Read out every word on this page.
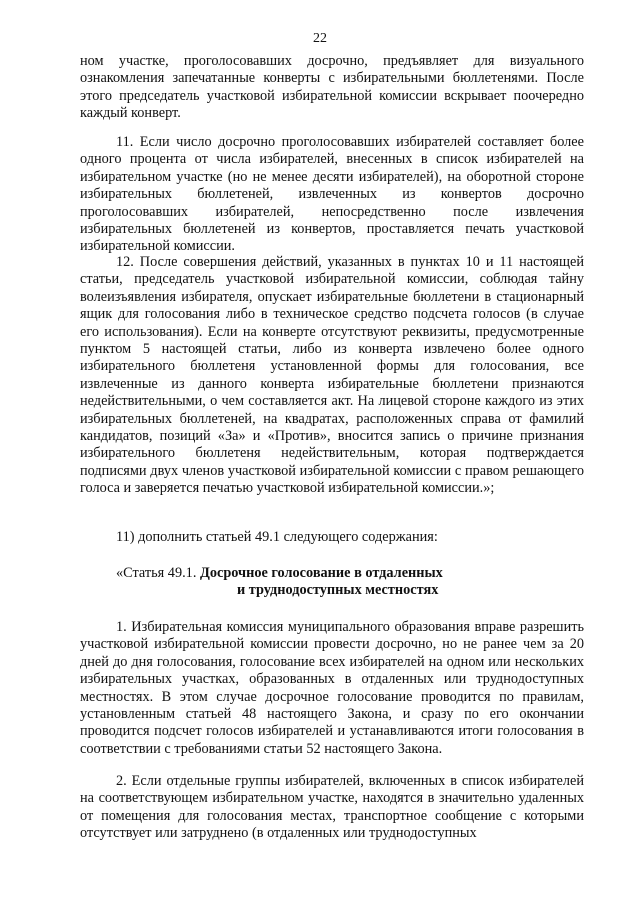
22

ном участке, проголосовавших досрочно, предъявляет для визуального ознакомления запечатанные конверты с избирательными бюллетенями. После этого председатель участковой избирательной комиссии вскрывает поочередно каждый конверт.

11. Если число досрочно проголосовавших избирателей составляет более одного процента от числа избирателей, внесенных в список избирателей на избирательном участке (но не менее десяти избирателей), на оборотной стороне избирательных бюллетеней, извлеченных из конвертов досрочно проголосовавших избирателей, непосредственно после извлечения избирательных бюллетеней из конвертов, проставляется печать участковой избирательной комиссии.

12. После совершения действий, указанных в пунктах 10 и 11 настоящей статьи, председатель участковой избирательной комиссии, соблюдая тайну волеизъявления избирателя, опускает избирательные бюллетени в стационарный ящик для голосования либо в техническое средство подсчета голосов (в случае его использования). Если на конверте отсутствуют реквизиты, предусмотренные пунктом 5 настоящей статьи, либо из конверта извлечено более одного избирательного бюллетеня установленной формы для голосования, все извлеченные из данного конверта избирательные бюллетени признаются недействительными, о чем составляется акт. На лицевой стороне каждого из этих избирательных бюллетеней, на квадратах, расположенных справа от фамилий кандидатов, позиций «За» и «Против», вносится запись о причине признания избирательного бюллетеня недействительным, которая подтверждается подписями двух членов участковой избирательной комиссии с правом решающего голоса и заверяется печатью участковой избирательной комиссии.»;

11) дополнить статьей 49.1 следующего содержания:

«Статья 49.1. Досрочное голосование в отдаленных
и труднодоступных местностях

1. Избирательная комиссия муниципального образования вправе разрешить участковой избирательной комиссии провести досрочно, но не ранее чем за 20 дней до дня голосования, голосование всех избирателей на одном или нескольких избирательных участках, образованных в отдаленных или труднодоступных местностях. В этом случае досрочное голосование проводится по правилам, установленным статьей 48 настоящего Закона, и сразу по его окончании проводится подсчет голосов избирателей и устанавливаются итоги голосования в соответствии с требованиями статьи 52 настоящего Закона.

2. Если отдельные группы избирателей, включенных в список избирателей на соответствующем избирательном участке, находятся в значительно удаленных от помещения для голосования местах, транспортное сообщение с которыми отсутствует или затруднено (в отдаленных или труднодоступных
